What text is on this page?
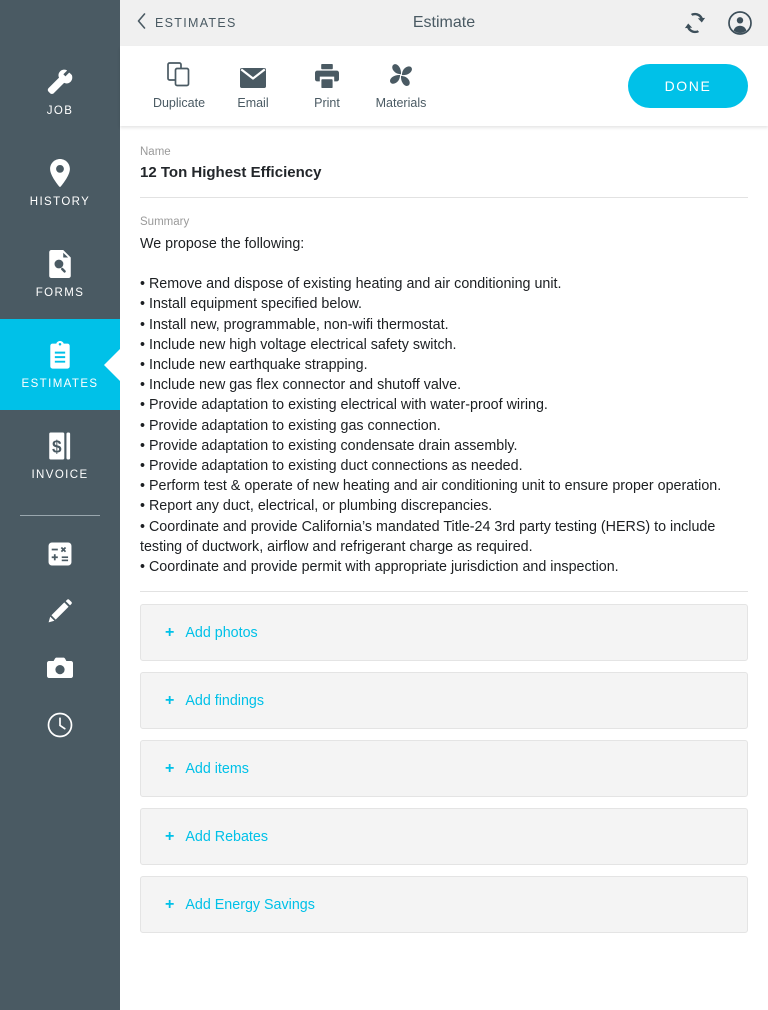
JOB
HISTORY
FORMS
ESTIMATES
$
INVOICE
ESTIMATES	Estimate
Duplicate	Email	Print	Materials
DONE
Name
12 Ton Highest Efficiency
Summary
We propose the following:
• Remove and dispose of existing heating and air conditioning unit.
• Install equipment specified below.
• Install new, programmable, non-wifi thermostat.
• Include new high voltage electrical safety switch.
• Include new earthquake strapping.
• Include new gas flex connector and shutoff valve.
• Provide adaptation to existing electrical with water-proof wiring.
• Provide adaptation to existing gas connection.
• Provide adaptation to existing condensate drain assembly.
• Provide adaptation to existing duct connections as needed.
• Perform test & operate of new heating and air conditioning unit to ensure proper operation.
• Report any duct, electrical, or plumbing discrepancies.
• Coordinate and provide California’s mandated Title-24 3rd party testing (HERS) to include testing of ductwork, airflow and refrigerant charge as required.
• Coordinate and provide permit with appropriate jurisdiction and inspection.
+ Add photos
+ Add findings
+ Add items
+ Add Rebates
+ Add Energy Savings
